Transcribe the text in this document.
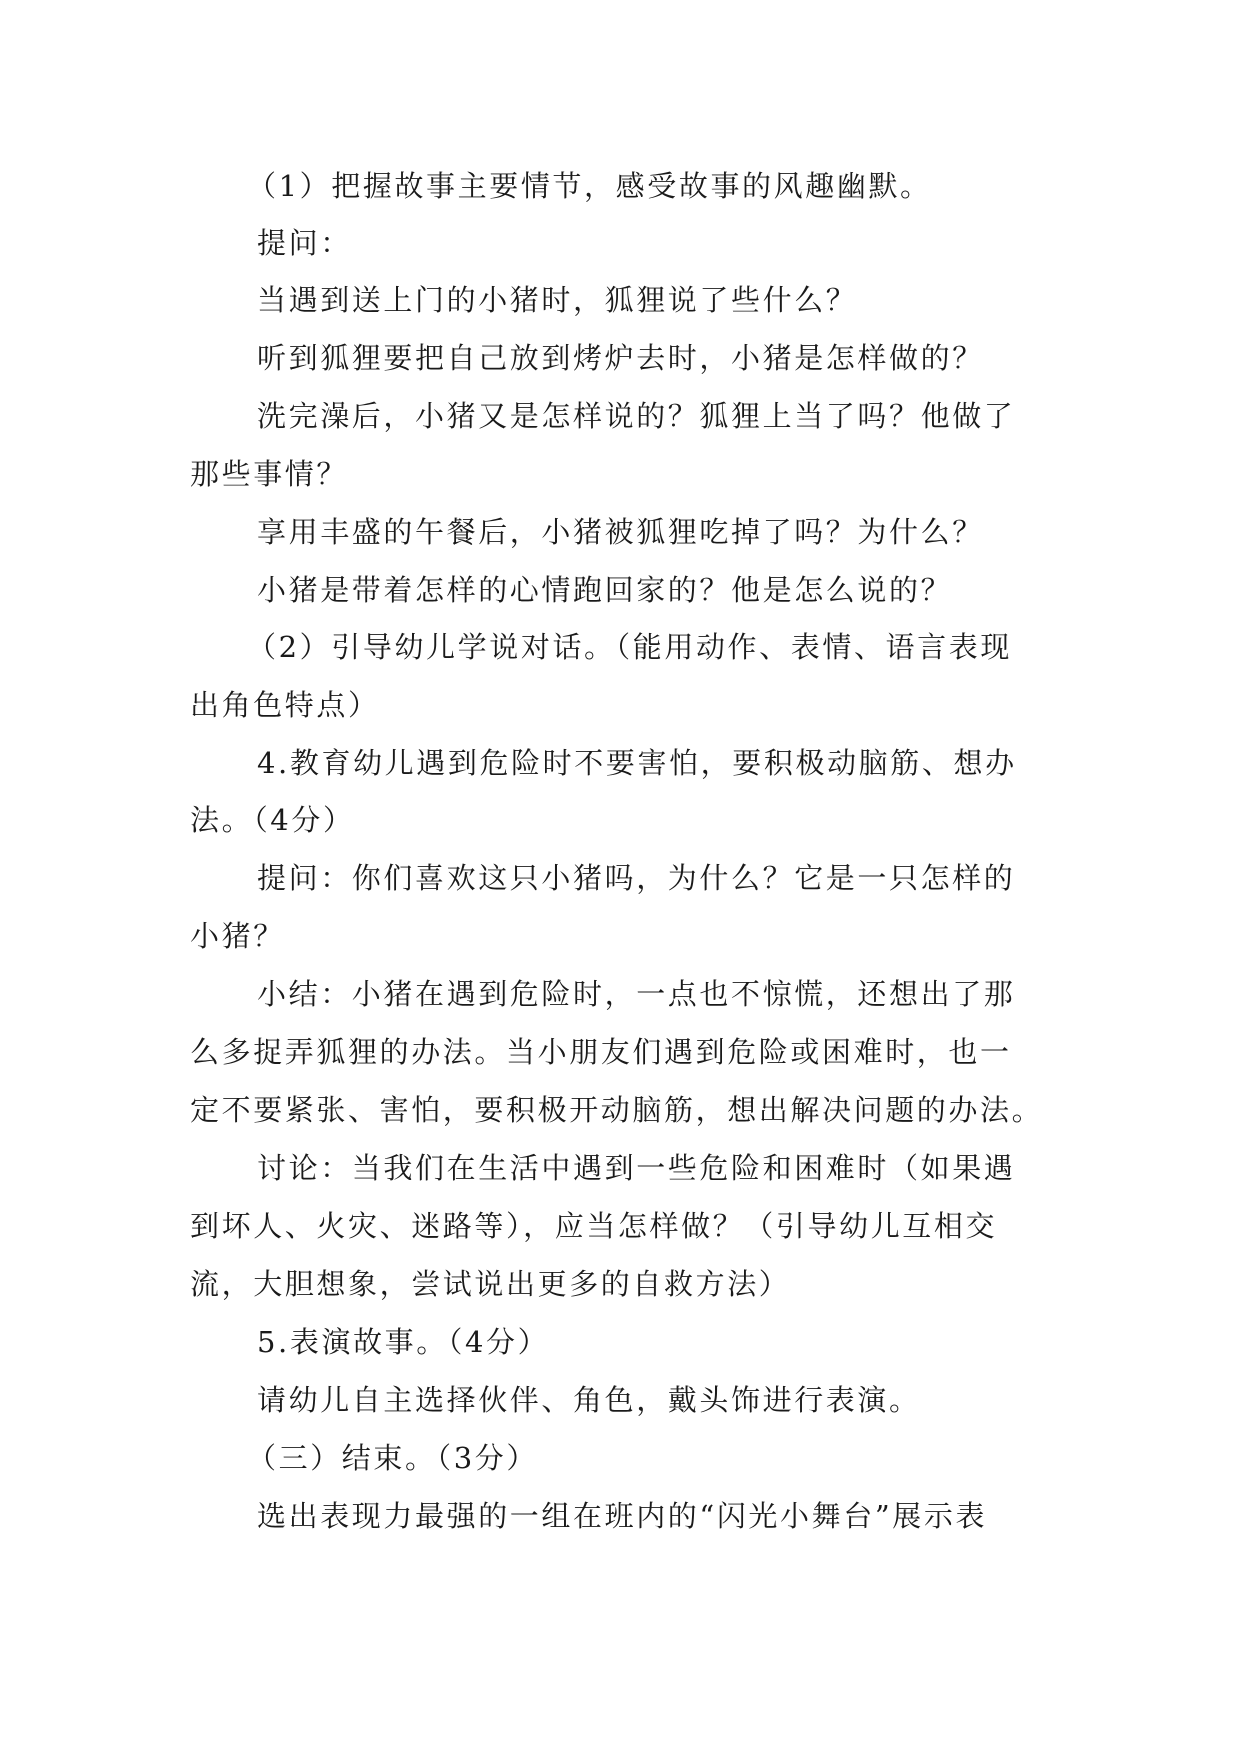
（1）把握故事主要情节，感受故事的风趣幽默。
提问：
当遇到送上门的小猪时，狐狸说了些什么？
听到狐狸要把自己放到烤炉去时，小猪是怎样做的？
洗完澡后，小猪又是怎样说的？狐狸上当了吗？他做了
那些事情？
享用丰盛的午餐后，小猪被狐狸吃掉了吗？为什么？
小猪是带着怎样的心情跑回家的？他是怎么说的？
（2）引导幼儿学说对话。（能用动作、表情、语言表现
出角色特点）
4.教育幼儿遇到危险时不要害怕，要积极动脑筋、想办
法。（4分）
提问：你们喜欢这只小猪吗，为什么？它是一只怎样的
小猪？
小结：小猪在遇到危险时，一点也不惊慌，还想出了那
么多捉弄狐狸的办法。当小朋友们遇到危险或困难时，也一
定不要紧张、害怕，要积极开动脑筋，想出解决问题的办法。
讨论：当我们在生活中遇到一些危险和困难时（如果遇
到坏人、火灾、迷路等），应当怎样做？（引导幼儿互相交
流，大胆想象，尝试说出更多的自救方法）
5.表演故事。（4分）
请幼儿自主选择伙伴、角色，戴头饰进行表演。
（三）结束。（3分）
选出表现力最强的一组在班内的“闪光小舞台”展示表
